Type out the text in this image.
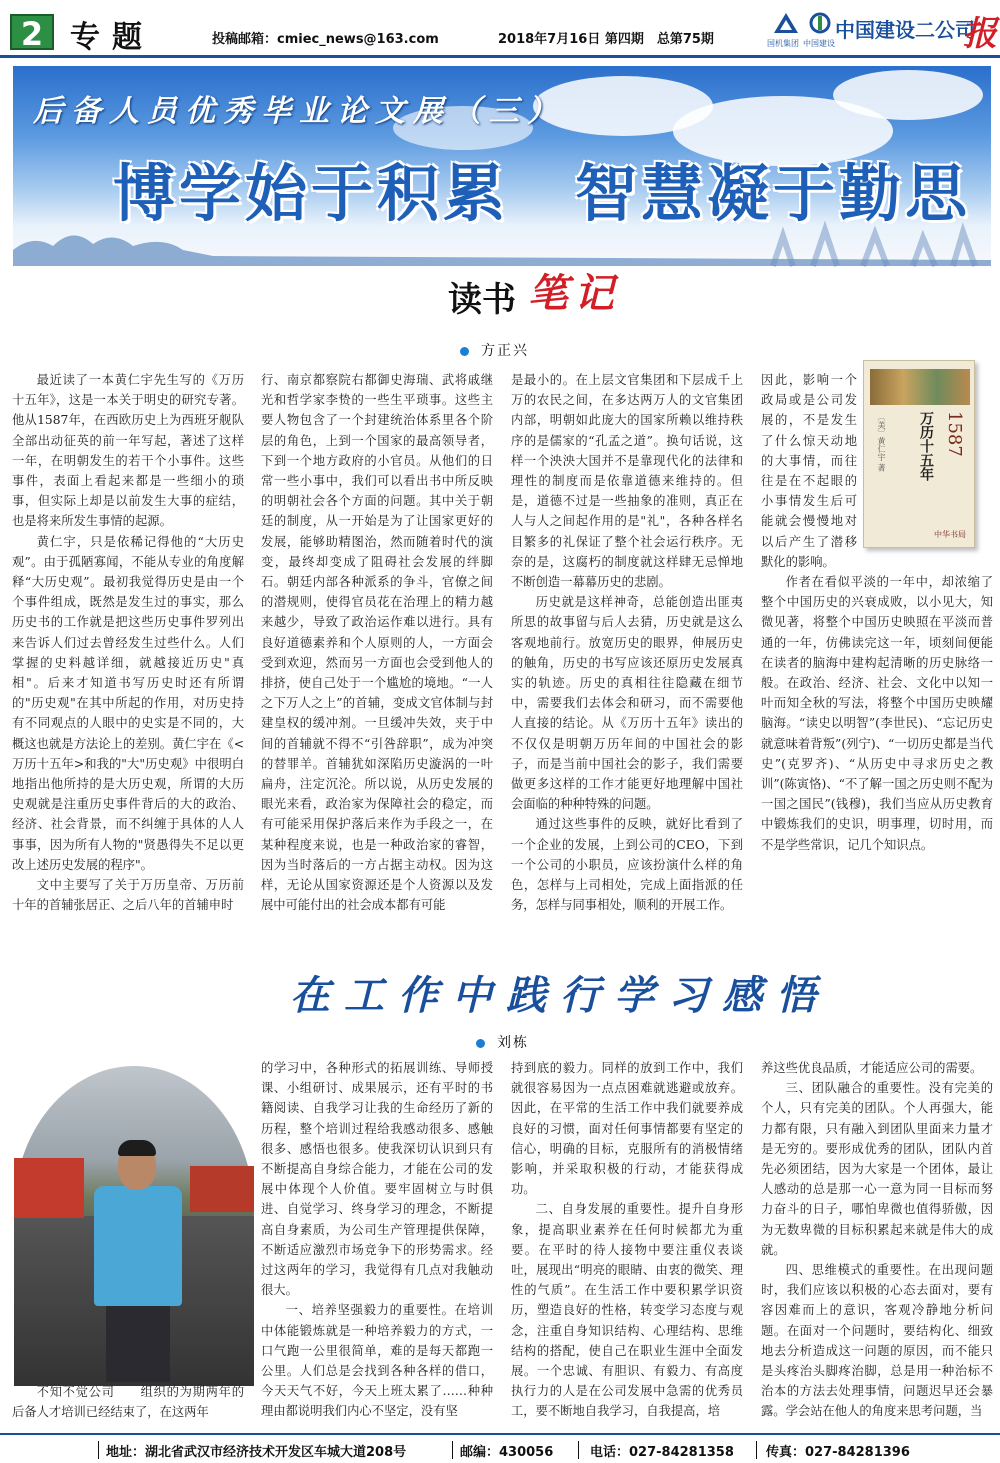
2 专题	投稿邮箱：cmiec_news@163.com	2018年7月16日 第四期　总第75期	国机集团 中国建设
中国建设二公司
报
后备人员优秀毕业论文展（三）
博学始于积累　智慧凝于勤思
读书 笔记
方正兴

最近读了一本黄仁宇先生写的《万历十五年》，这是一本关于明史的研究专著。他从1587年，在西欧历史上为西班牙舰队全部出动征英的前一年写起，著述了这样一年，在明朝发生的若干个小事件。这些事件，表面上看起来都是一些细小的琐事，但实际上却是以前发生大事的症结，也是将来所发生事情的起源。

黄仁宇，只是依稀记得他的“大历史观”。由于孤陋寡闻，不能从专业的角度解释“大历史观”。最初我觉得历史是由一个个事件组成，既然是发生过的事实，那么历史书的工作就是把这些历史事件罗列出来告诉人们过去曾经发生过些什么。人们掌握的史料越详细，就越接近历史"真相"。后来才知道书写历史时还有所谓的"历史观"在其中所起的作用，对历史持有不同观点的人眼中的史实是不同的，大概这也就是方法论上的差别。黄仁宇在《<万历十五年>和我的"大"历史观》中很明白地指出他所持的是大历史观，所谓的大历史观就是注重历史事件背后的大的政治、经济、社会背景，而不纠缠于具体的人人事事，因为所有人物的"贤愚得失不足以更改上述历史发展的程序"。

文中主要写了关于万历皇帝、万历前十年的首辅张居正、之后八年的首辅申时

行、南京都察院右都御史海瑞、武将戚继光和哲学家李贽的一些生平琐事。这些主要人物包含了一个封建统治体系里各个阶层的角色，上到一个国家的最高领导者，下到一个地方政府的小官员。从他们的日常一些小事中，我们可以看出书中所反映的明朝社会各个方面的问题。其中关于朝廷的制度，从一开始是为了让国家更好的发展，能够助精图治，然而随着时代的演变，最终却变成了阻碍社会发展的绊脚石。朝廷内部各种派系的争斗，官僚之间的潜规则，使得官员花在治理上的精力越来越少，导致了政治运作难以进行。具有良好道德素养和个人原则的人，一方面会受到欢迎，然而另一方面也会受到他人的排挤，使自己处于一个尴尬的境地。“一人之下万人之上”的首辅，变成文官体制与封建皇权的缓冲剂。一旦缓冲失效，夹于中间的首辅就不得不“引咎辞职”，成为冲突的替罪羊。首辅犹如深陷历史漩涡的一叶扁舟，注定沉沦。所以说，从历史发展的眼光来看，政治家为保障社会的稳定，而有可能采用保护落后来作为手段之一，在某种程度来说，也是一种政治家的睿智，因为当时落后的一方占据主动权。因为这样，无论从国家资源还是个人资源以及发展中可能付出的社会成本都有可能

是最小的。在上层文官集团和下层成千上万的农民之间，在多达两万人的文官集团内部，明朝如此庞大的国家所赖以维持秩序的是儒家的“孔孟之道”。换句话说，这样一个泱泱大国并不是靠现代化的法律和理性的制度而是依靠道德来维持的。但是，道德不过是一些抽象的准则，真正在人与人之间起作用的是"礼"，各种各样名目繁多的礼保证了整个社会运行秩序。无奈的是，这腐朽的制度就这样肆无忌惮地不断创造一幕幕历史的悲剧。

历史就是这样神奇，总能创造出匪夷所思的故事留与后人去猜，历史就是这么客观地前行。放宽历史的眼界，伸展历史的触角，历史的书写应该还原历史发展真实的轨迹。历史的真相往往隐藏在细节中，需要我们去体会和研习，而不需要他人直接的结论。从《万历十五年》读出的不仅仅是明朝万历年间的中国社会的影子，而是当前中国社会的影子，我们需要做更多这样的工作才能更好地理解中国社会面临的种种特殊的问题。

通过这些事件的反映，就好比看到了一个企业的发展，上到公司的CEO，下到一个公司的小职员，应该扮演什么样的角色，怎样与上司相处，完成上面指派的任务，怎样与同事相处，顺利的开展工作。

因此，影响一个政局或是公司发展的，不是发生了什么惊天动地的大事情，而往往是在不起眼的小事情发生后可能就会慢慢地对以后产生了潜移默化的影响。

作者在看似平淡的一年中，却浓缩了整个中国历史的兴衰成败，以小见大，知微见著，将整个中国历史映照在平淡而普通的一年，仿佛读完这一年，顷刻间便能在读者的脑海中建构起清晰的历史脉络一般。在政治、经济、社会、文化中以知一叶而知全秋的写法，将整个中国历史映耀脑海。“读史以明智”(李世民)、“忘记历史就意味着背叛”(列宁)、“一切历史都是当代史”(克罗齐)、“从历史中寻求历史之教训”(陈寅恪)、“不了解一国之历史则不配为一国之国民”(钱穆)，我们当应从历史教育中锻炼我们的史识，明事理，切时用，而不是学些常识，记几个知识点。

1587
万历十五年
〔美〕黄仁宇 著
中华书局
在工作中践行学习感悟
刘栋

不知不觉公司　　组织的为期两年的后备人才培训已经结束了，在这两年

的学习中，各种形式的拓展训练、导师授课、小组研讨、成果展示，还有平时的书籍阅读、自我学习让我的生命经历了新的历程，整个培训过程给我感动很多、感触很多、感悟也很多。使我深切认识到只有不断提高自身综合能力，才能在公司的发展中体现个人价值。要牢固树立与时俱进、自觉学习、终身学习的理念，不断提高自身素质，为公司生产管理提供保障，不断适应激烈市场竞争下的形势需求。经过这两年的学习，我觉得有几点对我触动很大。

一、培养坚强毅力的重要性。在培训中体能锻炼就是一种培养毅力的方式，一口气跑一公里很简单，难的是每天都跑一公里。人们总是会找到各种各样的借口，今天天气不好，今天上班太累了……种种理由都说明我们内心不坚定，没有坚

持到底的毅力。同样的放到工作中，我们就很容易因为一点点困难就逃避或放弃。因此，在平常的生活工作中我们就要养成良好的习惯，面对任何事情都要有坚定的信心，明确的目标，克服所有的消极情绪影响，并采取积极的行动，才能获得成功。

二、自身发展的重要性。提升自身形象，提高职业素养在任何时候都尤为重要。在平时的待人接物中要注重仪表谈吐，展现出“明亮的眼睛、由衷的微笑、理性的气质”。在生活工作中要积累学识资历，塑造良好的性格，转变学习态度与观念，注重自身知识结构、心理结构、思维结构的搭配，使自己在职业生涯中全面发展。一个忠诚、有胆识、有毅力、有高度执行力的人是在公司发展中急需的优秀员工，要不断地自我学习，自我提高，培

养这些优良品质，才能适应公司的需要。

三、团队融合的重要性。没有完美的个人，只有完美的团队。个人再强大，能力都有限，只有融入到团队里面来力量才是无穷的。要形成优秀的团队，团队内首先必须团结，因为大家是一个团体，最让人感动的总是那一心一意为同一目标而努力奋斗的日子，哪怕卑微也值得骄傲，因为无数卑微的目标积累起来就是伟大的成就。

四、思维模式的重要性。在出现问题时，我们应该以积极的心态去面对，要有容因难而上的意识，客观冷静地分析问题。在面对一个问题时，要结构化、细致地去分析造成这一问题的原因，而不能只是头疼治头脚疼治脚，总是用一种治标不治本的方法去处理事情，问题迟早还会暴露。学会站在他人的角度来思考问题，当

地址：湖北省武汉市经济技术开发区车城大道208号	邮编：430056	电话：027-84281358 传真：027-84281396
